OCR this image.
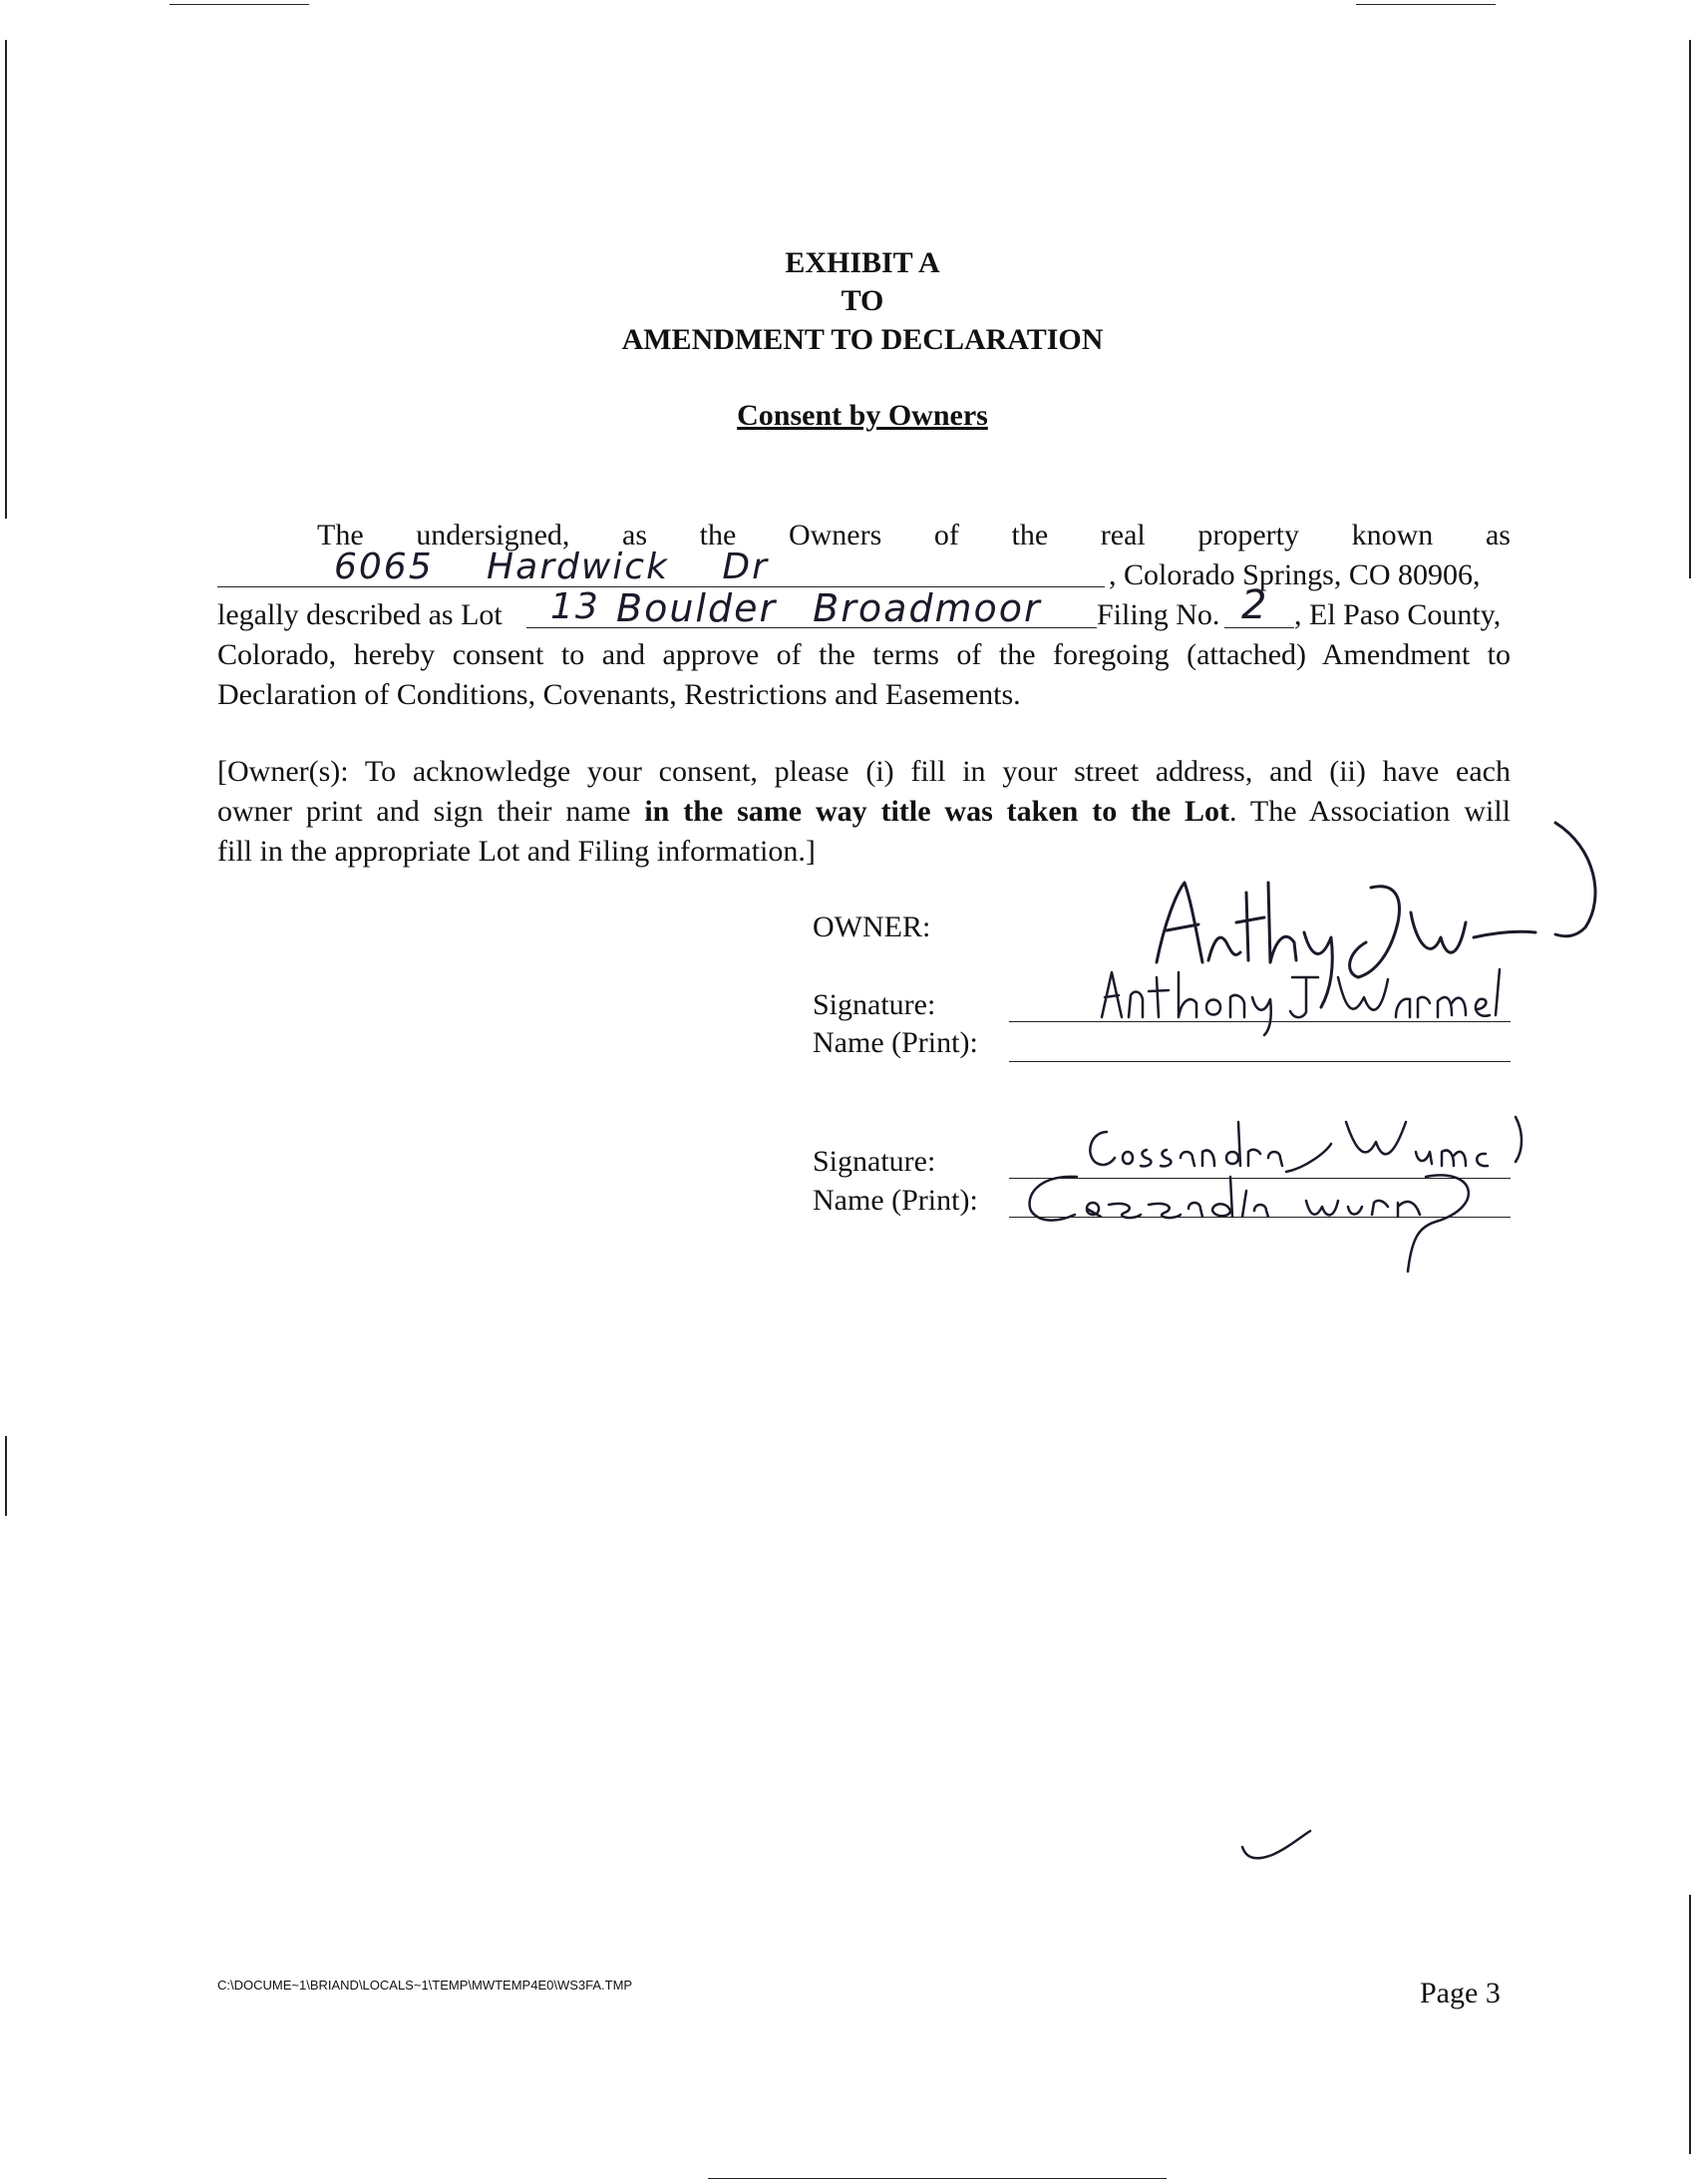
EXHIBIT A
TO
AMENDMENT TO DECLARATION
Consent by Owners
The undersigned, as the Owners of the real property known as
6065 Hardwick Dr	, Colorado Springs, CO 80906,
legally described as Lot	13 Boulder Broadmoor Filing No. 2 , El Paso County,
Colorado, hereby consent to and approve of the terms of the foregoing (attached) Amendment to
Declaration of Conditions, Covenants, Restrictions and Easements.
[Owner(s): To acknowledge your consent, please (i) fill in your street address, and (ii) have each
owner print and sign their name in the same way title was taken to the Lot. The Association will
fill in the appropriate Lot and Filing information.]
OWNER:
Signature:
Name (Print):
Signature:
Name (Print):
C:\DOCUME~1\BRIAND\LOCALS~1\TEMP\MWTEMP4E0\WS3FA.TMP	Page 3
